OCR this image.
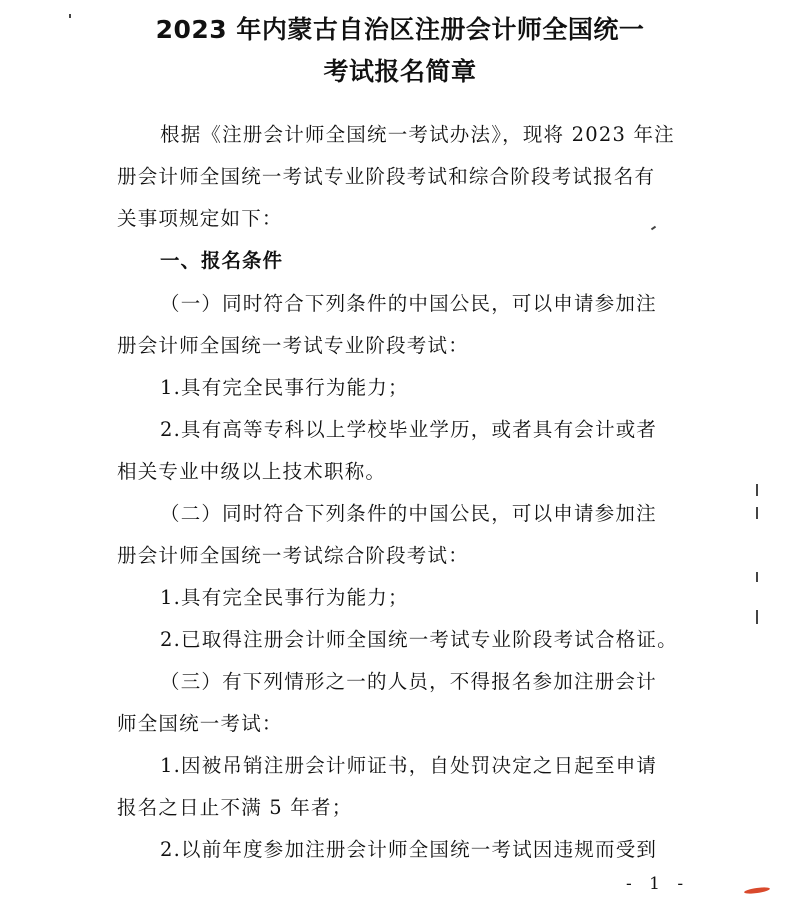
2023 年内蒙古自治区注册会计师全国统一
考试报名简章
根据《注册会计师全国统一考试办法》，现将 2023 年注
册会计师全国统一考试专业阶段考试和综合阶段考试报名有
关事项规定如下：
一、报名条件
（一）同时符合下列条件的中国公民，可以申请参加注
册会计师全国统一考试专业阶段考试：
1.具有完全民事行为能力；
2.具有高等专科以上学校毕业学历，或者具有会计或者
相关专业中级以上技术职称。
（二）同时符合下列条件的中国公民，可以申请参加注
册会计师全国统一考试综合阶段考试：
1.具有完全民事行为能力；
2.已取得注册会计师全国统一考试专业阶段考试合格证。
（三）有下列情形之一的人员，不得报名参加注册会计
师全国统一考试：
1.因被吊销注册会计师证书，自处罚决定之日起至申请
报名之日止不满 5 年者；
2.以前年度参加注册会计师全国统一考试因违规而受到
- 1 -
